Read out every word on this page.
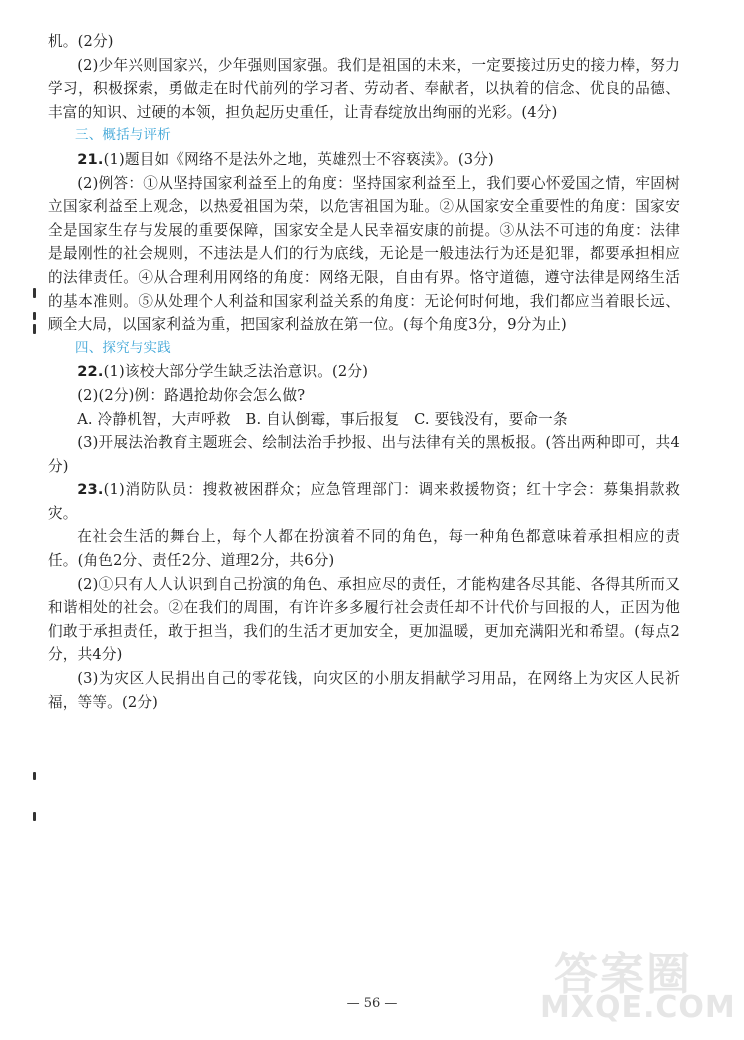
机。(2分)

(2)少年兴则国家兴，少年强则国家强。我们是祖国的未来，一定要接过历史的接力棒，努力学习，积极探索，勇做走在时代前列的学习者、劳动者、奉献者，以执着的信念、优良的品德、丰富的知识、过硬的本领，担负起历史重任，让青春绽放出绚丽的光彩。(4分)

三、概括与评析

21.(1)题目如《网络不是法外之地，英雄烈士不容亵渎》。(3分)

(2)例答：①从坚持国家利益至上的角度：坚持国家利益至上，我们要心怀爱国之情，牢固树立国家利益至上观念，以热爱祖国为荣，以危害祖国为耻。②从国家安全重要性的角度：国家安全是国家生存与发展的重要保障，国家安全是人民幸福安康的前提。③从法不可违的角度：法律是最刚性的社会规则，不违法是人们的行为底线，无论是一般违法行为还是犯罪，都要承担相应的法律责任。④从合理利用网络的角度：网络无限，自由有界。恪守道德，遵守法律是网络生活的基本准则。⑤从处理个人利益和国家利益关系的角度：无论何时何地，我们都应当着眼长远、顾全大局，以国家利益为重，把国家利益放在第一位。(每个角度3分，9分为止)

四、探究与实践

22.(1)该校大部分学生缺乏法治意识。(2分)

(2)(2分)例：路遇抢劫你会怎么做?

A. 冷静机智，大声呼救　B. 自认倒霉，事后报复　C. 要钱没有，要命一条

(3)开展法治教育主题班会、绘制法治手抄报、出与法律有关的黑板报。(答出两种即可，共4分)

23.(1)消防队员：搜救被困群众；应急管理部门：调来救援物资；红十字会：募集捐款救灾。

在社会生活的舞台上，每个人都在扮演着不同的角色，每一种角色都意味着承担相应的责任。(角色2分、责任2分、道理2分，共6分)

(2)①只有人人认识到自己扮演的角色、承担应尽的责任，才能构建各尽其能、各得其所而又和谐相处的社会。②在我们的周围，有许许多多履行社会责任却不计代价与回报的人，正因为他们敢于承担责任，敢于担当，我们的生活才更加安全，更加温暖，更加充满阳光和希望。(每点2分，共4分)

(3)为灾区人民捐出自己的零花钱，向灾区的小朋友捐献学习用品，在网络上为灾区人民祈福，等等。(2分)

— 56 —
答案圈
MXQE.COM
